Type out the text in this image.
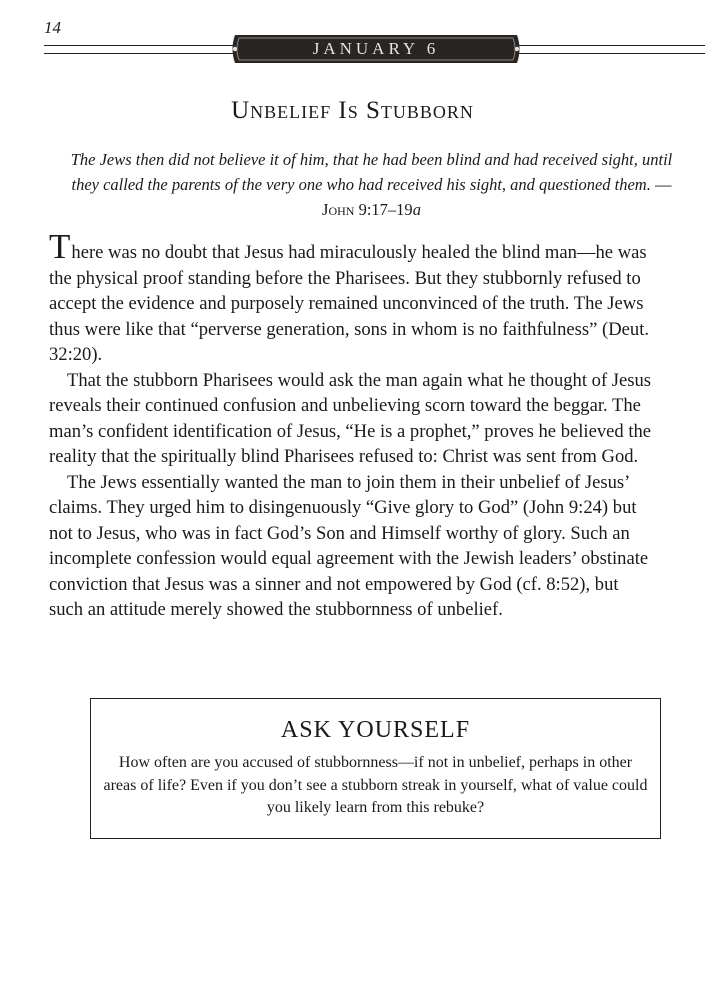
14
JANUARY 6
Unbelief Is Stubborn
The Jews then did not believe it of him, that he had been blind and had received sight, until they called the parents of the very one who had received his sight, and questioned them. —John 9:17–19a

There was no doubt that Jesus had miraculously healed the blind man—he was the physical proof standing before the Pharisees. But they stubbornly refused to accept the evidence and purposely remained unconvinced of the truth. The Jews thus were like that “perverse generation, sons in whom is no faithfulness” (Deut. 32:20).

That the stubborn Pharisees would ask the man again what he thought of Jesus reveals their continued confusion and unbelieving scorn toward the beggar. The man’s confident identification of Jesus, “He is a prophet,” proves he believed the reality that the spiritually blind Pharisees refused to: Christ was sent from God.

The Jews essentially wanted the man to join them in their unbelief of Jesus’ claims. They urged him to disingenuously “Give glory to God” (John 9:24) but not to Jesus, who was in fact God’s Son and Himself worthy of glory. Such an incomplete confession would equal agreement with the Jewish leaders’ obstinate conviction that Jesus was a sinner and not empowered by God (cf. 8:52), but such an attitude merely showed the stubbornness of unbelief.

ASK YOURSELF
How often are you accused of stubbornness—if not in unbelief, perhaps in other areas of life? Even if you don’t see a stubborn streak in yourself, what of value could you likely learn from this rebuke?
